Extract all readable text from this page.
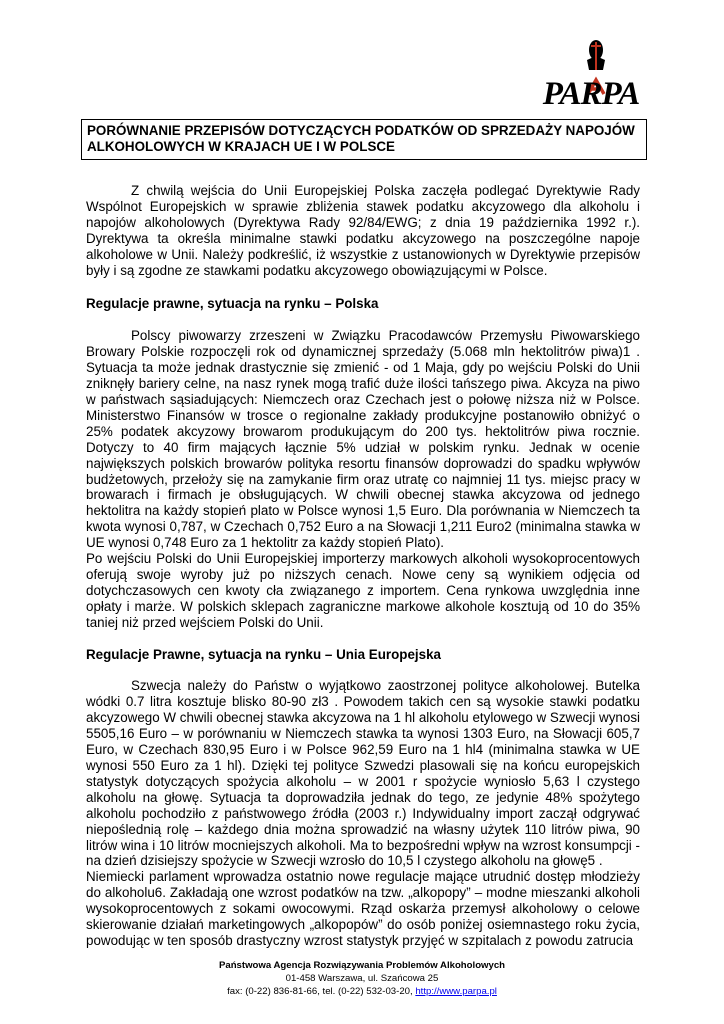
PARPA
PORÓWNANIE PRZEPISÓW DOTYCZĄCYCH PODATKÓW OD SPRZEDAŻY NAPOJÓW ALKOHOLOWYCH W KRAJACH UE I W POLSCE

Z chwilą wejścia do Unii Europejskiej Polska zaczęła podlegać Dyrektywie Rady Wspólnot Europejskich w sprawie zbliżenia stawek podatku akcyzowego dla alkoholu i napojów alkoholowych (Dyrektywa Rady 92/84/EWG; z dnia 19 października 1992 r.). Dyrektywa ta określa minimalne stawki podatku akcyzowego na poszczególne napoje alkoholowe w Unii. Należy podkreślić, iż wszystkie z ustanowionych w Dyrektywie przepisów były i są zgodne ze stawkami podatku akcyzowego obowiązującymi w Polsce.

Regulacje prawne, sytuacja na rynku – Polska

Polscy piwowarzy zrzeszeni w Związku Pracodawców Przemysłu Piwowarskiego Browary Polskie rozpoczęli rok od dynamicznej sprzedaży (5.068 mln hektolitrów piwa)1 . Sytuacja ta może jednak drastycznie się zmienić - od 1 Maja, gdy po wejściu Polski do Unii zniknęły bariery celne, na nasz rynek mogą trafić duże ilości tańszego piwa. Akcyza na piwo w państwach sąsiadujących: Niemczech oraz Czechach jest o połowę niższa niż w Polsce. Ministerstwo Finansów w trosce o regionalne zakłady produkcyjne postanowiło obniżyć o 25% podatek akcyzowy browarom produkującym do 200 tys. hektolitrów piwa rocznie. Dotyczy to 40 firm mających łącznie 5% udział w polskim rynku. Jednak w ocenie największych polskich browarów polityka resortu finansów doprowadzi do spadku wpływów budżetowych, przełoży się na zamykanie firm oraz utratę co najmniej 11 tys. miejsc pracy w browarach i firmach je obsługujących. W chwili obecnej stawka akcyzowa od jednego hektolitra na każdy stopień plato w Polsce wynosi 1,5 Euro. Dla porównania w Niemczech ta kwota wynosi 0,787, w Czechach 0,752 Euro a na Słowacji 1,211 Euro2 (minimalna stawka w UE wynosi 0,748 Euro za 1 hektolitr za każdy stopień Plato).

Po wejściu Polski do Unii Europejskiej importerzy markowych alkoholi wysokoprocentowych oferują swoje wyroby już po niższych cenach. Nowe ceny są wynikiem odjęcia od dotychczasowych cen kwoty cła związanego z importem. Cena rynkowa uwzględnia inne opłaty i marże. W polskich sklepach zagraniczne markowe alkohole kosztują od 10 do 35% taniej niż przed wejściem Polski do Unii.

Regulacje Prawne, sytuacja na rynku – Unia Europejska

Szwecja należy do Państw o wyjątkowo zaostrzonej polityce alkoholowej. Butelka wódki 0.7 litra kosztuje blisko 80-90 zł3 . Powodem takich cen są wysokie stawki podatku akcyzowego W chwili obecnej stawka akcyzowa na 1 hl alkoholu etylowego w Szwecji wynosi 5505,16 Euro – w porównaniu w Niemczech stawka ta wynosi 1303 Euro, na Słowacji 605,7 Euro, w Czechach 830,95 Euro i w Polsce 962,59 Euro na 1 hl4 (minimalna stawka w UE wynosi 550 Euro za 1 hl). Dzięki tej polityce Szwedzi plasowali się na końcu europejskich statystyk dotyczących spożycia alkoholu – w 2001 r spożycie wyniosło 5,63 l czystego alkoholu na głowę. Sytuacja ta doprowadziła jednak do tego, ze jedynie 48% spożytego alkoholu pochodziło z państwowego źródła (2003 r.) Indywidualny import zaczął odgrywać niepoślednią rolę – każdego dnia można sprowadzić na własny użytek 110 litrów piwa, 90 litrów wina i 10 litrów mocniejszych alkoholi. Ma to bezpośredni wpływ na wzrost konsumpcji - na dzień dzisiejszy spożycie w Szwecji wzrosło do 10,5 l czystego alkoholu na głowę5 .

Niemiecki parlament wprowadza ostatnio nowe regulacje mające utrudnić dostęp młodzieży do alkoholu6. Zakładają one wzrost podatków na tzw. „alkopopy” – modne mieszanki alkoholi wysokoprocentowych z sokami owocowymi. Rząd oskarża przemysł alkoholowy o celowe skierowanie działań marketingowych „alkopopów” do osób poniżej osiemnastego roku życia, powodując w ten sposób drastyczny wzrost statystyk przyjęć w szpitalach z powodu zatrucia

Państwowa Agencja Rozwiązywania Problemów Alkoholowych
01-458 Warszawa, ul. Szańcowa 25
fax: (0-22) 836-81-66, tel. (0-22) 532-03-20, http://www.parpa.pl
